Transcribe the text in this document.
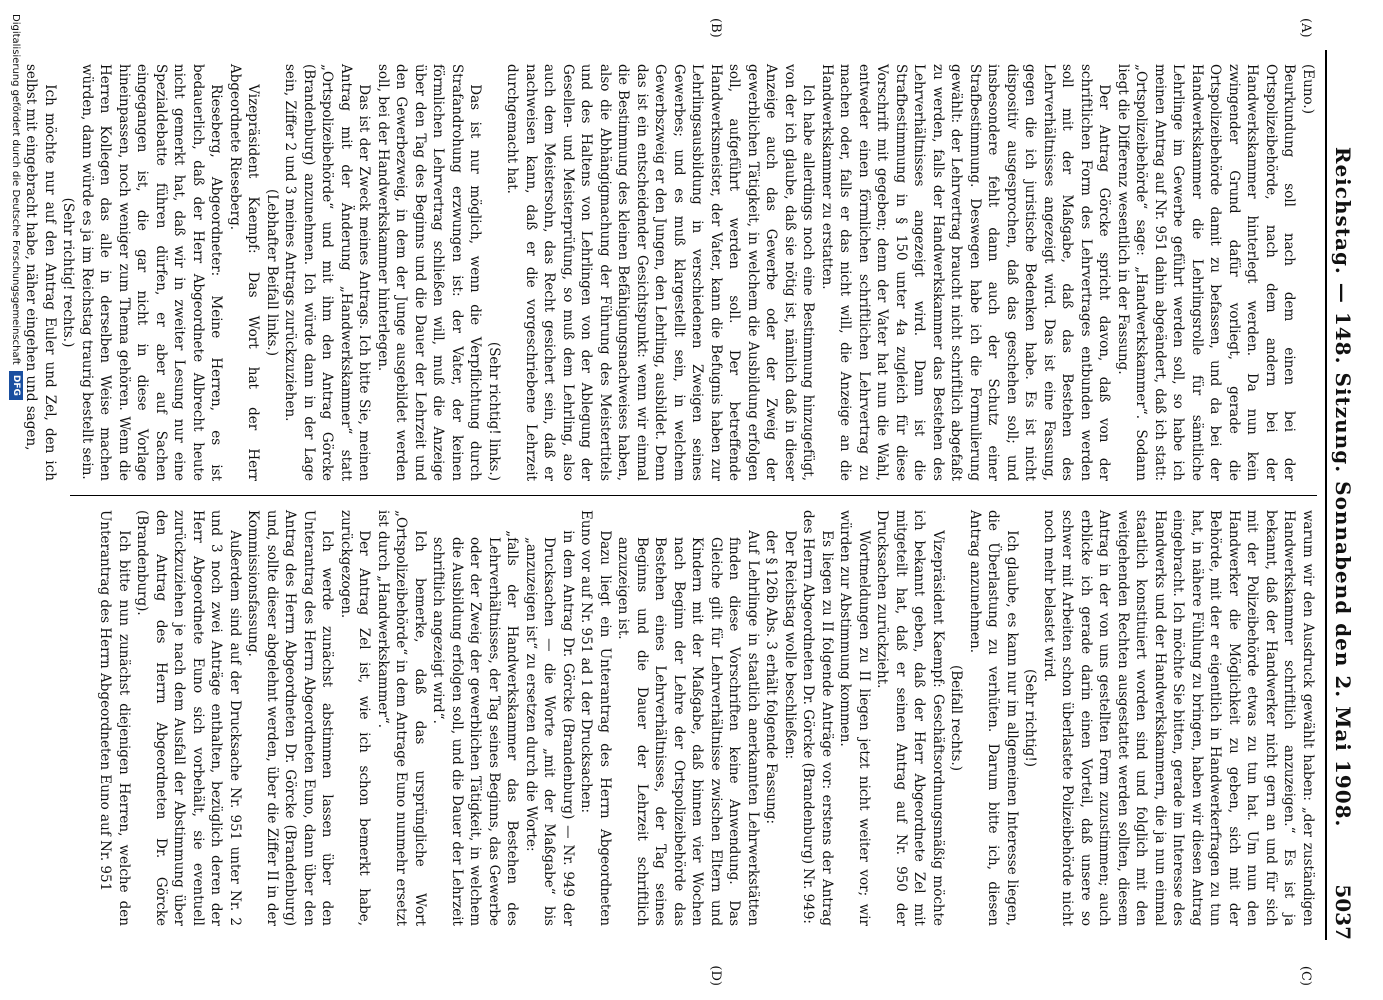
Reichstag. — 148. Sitzung. Sonnabend den 2. Mai 1908.
5037
(A)
(B)
(C)
(D)

(Euno.)

Beurkundung soll nach dem einen bei der Ortspolizeibehörde, nach dem andern bei der Handwerkskammer hinterlegt werden. Da nun kein zwingender Grund dafür vorliegt, gerade die Ortspolizeibehörde damit zu befassen, und da bei der Handwerkskammer die Lehrlingsrolle für sämtliche Lehrlinge im Gewerbe geführt werden soll, so habe ich meinen Antrag auf Nr. 951 dahin abgeändert, daß ich statt: „Ortspolizeibehörde“ sage: „Handwerkskammer“. Sodann liegt die Differenz wesentlich in der Fassung.

Der Antrag Görcke spricht davon, daß von der schriftlichen Form des Lehrvertrages entbunden werden soll mit der Maßgabe, daß das Bestehen des Lehrverhältnisses angezeigt wird. Das ist eine Fassung, gegen die ich juristische Bedenken habe. Es ist nicht dispositiv ausgesprochen, daß das geschehen soll; und insbesondere fehlt dann auch der Schutz einer Strafbestimmung. Deswegen habe ich die Formulierung gewählt: der Lehrvertrag braucht nicht schriftlich abgefaßt zu werden, falls der Handwerkskammer das Bestehen des Lehrverhältnisses angezeigt wird. Dann ist die Strafbestimmung in § 150 unter 4a zugleich für diese Vorschrift mit gegeben; denn der Vater hat nun die Wahl, entweder einen förmlichen schriftlichen Lehrvertrag zu machen oder, falls er das nicht will, die Anzeige an die Handwerkskammer zu erstatten.

Ich habe allerdings noch eine Bestimmung hinzugefügt, von der ich glaube, daß sie nötig ist, nämlich daß in dieser Anzeige auch das Gewerbe oder der Zweig der gewerblichen Tätigkeit, in welchem die Ausbildung erfolgen soll, aufgeführt werden soll. Der betreffende Handwerksmeister, der Vater, kann die Befugnis haben zur Lehrlingsausbildung in verschiedenen Zweigen seines Gewerbes; und es muß klargestellt sein, in welchem Gewerbszweig er den Jungen, den Lehrling, ausbildet. Denn das ist ein entscheidender Gesichtspunkt: wenn wir einmal die Bestimmung des kleinen Befähigungsnachweises haben, also die Abhängigmachung der Führung des Meistertitels und des Haltens von Lehrlingen von der Ablegung der Gesellen- und Meisterprüfung, so muß dem Lehrling, also auch dem Meistersohn, das Recht gesichert sein, daß er nachweisen kann, daß er die vorgeschriebene Lehrzeit durchgemacht hat.

(Sehr richtig! links.)

Das ist nur möglich, wenn die Verpflichtung durch Strafandrohung erzwungen ist: der Vater, der keinen förmlichen Lehrvertrag schließen will, muß die Anzeige über den Tag des Beginns und die Dauer der Lehrzeit und den Gewerbezweig, in dem der Junge ausgebildet werden soll, bei der Handwerkskammer hinterlegen.

Das ist der Zweck meines Antrags. Ich bitte Sie, meinen Antrag mit der Änderung „Handwerkskammer“ statt „Ortspolizeibehörde“ und mit ihm den Antrag Görcke (Brandenburg) anzunehmen. Ich würde dann in der Lage sein, Ziffer 2 und 3 meines Antrags zurückzuziehen.

(Lebhafter Beifall links.)

Vizepräsident Kaempf: Das Wort hat der Herr Abgeordnete Rieseberg.

Rieseberg, Abgeordneter: Meine Herren, es ist bedauerlich, daß der Herr Abgeordnete Albrecht heute nicht gemerkt hat, daß wir in zweiter Lesung nur eine Spezialdebatte führen dürfen, er aber auf Sachen eingegangen ist, die gar nicht in diese Vorlage hineinpassen, noch weniger zum Thema gehören. Wenn die Herren Kollegen das alle in derselben Weise machen würden, dann würde es ja im Reichstag traurig bestellt sein.

(Sehr richtig! rechts.)

Ich möchte nur auf den Antrag Euler und Zel, den ich selbst mit eingebracht habe, näher eingehen und sagen,

warum wir den Ausdruck gewählt haben: „der zuständigen Handwerkskammer schriftlich anzuzeigen.“ Es ist ja bekannt, daß der Handwerker nicht gern an und für sich mit der Polizeibehörde etwas zu tun hat. Um nun den Handwerker die Möglichkeit zu geben, sich mit der Behörde, mit der er eigentlich in Handwerkerfragen zu tun hat, in nähere Fühlung zu bringen, haben wir diesen Antrag eingebracht. Ich möchte Sie bitten, gerade im Interesse des Handwerks und der Handwerkskammern, die ja nun einmal staatlich konstituiert worden sind und folglich mit den weitgehenden Rechten ausgestattet werden sollten, diesem Antrag in der von uns gestellten Form zuzustimmen; auch erblicke ich gerade darin einen Vorteil, daß unsere so schwer mit Arbeiten schon überlastete Polizeibehörde nicht noch mehr belastet wird.

(Sehr richtig!)

Ich glaube, es kann nur im allgemeinen Interesse liegen, die Überlastung zu verhüten. Darum bitte ich, diesen Antrag anzunehmen.

(Beifall rechts.)

Vizepräsident Kaempf: Geschäftsordnungsmäßig möchte ich bekannt geben, daß der Herr Abgeordnete Zel mit mitgeteilt hat, daß er seinen Antrag auf Nr. 950 der Drucksachen zurückzieht.

Wortmeldungen zu II liegen jetzt nicht weiter vor; wir würden zur Abstimmung kommen.

Es liegen zu II folgende Anträge vor: erstens der Antrag des Herrn Abgeordneten Dr. Görcke (Brandenburg) Nr. 949:

Der Reichstag wolle beschließen:

der § 126b Abs. 3 erhält folgende Fassung:

Auf Lehrlinge in staatlich anerkannten Lehrwerkstätten finden diese Vorschriften keine Anwendung. Das Gleiche gilt für Lehrverhältnisse zwischen Eltern und Kindern mit der Maßgabe, daß binnen vier Wochen nach Beginn der Lehre der Ortspolizeibehörde das Bestehen eines Lehrverhältnisses, der Tag seines Beginns und die Dauer der Lehrzeit schriftlich anzuzeigen ist.

Dazu liegt ein Unterantrag des Herrn Abgeordneten Euno vor auf Nr. 951 ad 1 der Drucksachen:

in dem Antrag Dr. Görcke (Brandenburg) — Nr. 949 der Drucksachen — die Worte „mit der Maßgabe“ bis „anzuzeigen ist“ zu ersetzen durch die Worte:

„falls der Handwerkskammer das Bestehen des Lehrverhältnisses, der Tag seines Beginns, das Gewerbe oder der Zweig der gewerblichen Tätigkeit, in welchem die Ausbildung erfolgen soll, und die Dauer der Lehrzeit schriftlich angezeigt wird“.

Ich bemerke, daß das ursprüngliche Wort „Ortspolizeibehörde“ in dem Antrage Euno nunmehr ersetzt ist durch „Handwerkskammer“.

Der Antrag Zel ist, wie ich schon bemerkt habe, zurückgezogen.

Ich werde zunächst abstimmen lassen über den Unterantrag des Herrn Abgeordneten Euno, dann über den Antrag des Herrn Abgeordneten Dr. Görcke (Brandenburg) und, sollte dieser abgelehnt werden, über die Ziffer II in der Kommissionsfassung.

Außerdem sind auf der Drucksache Nr. 951 unter Nr. 2 und 3 noch zwei Anträge enthalten, bezüglich deren der Herr Abgeordnete Euno sich vorbehält, sie eventuell zurückzuziehen je nach dem Ausfall der Abstimmung über den Antrag des Herrn Abgeordneten Dr. Görcke (Brandenburg).

Ich bitte nun zunächst diejenigen Herren, welche den Unterantrag des Herrn Abgeordneten Euno auf Nr. 951

Digitalisierung gefördert durch die Deutsche Forschungsgemeinschaft
DFG
